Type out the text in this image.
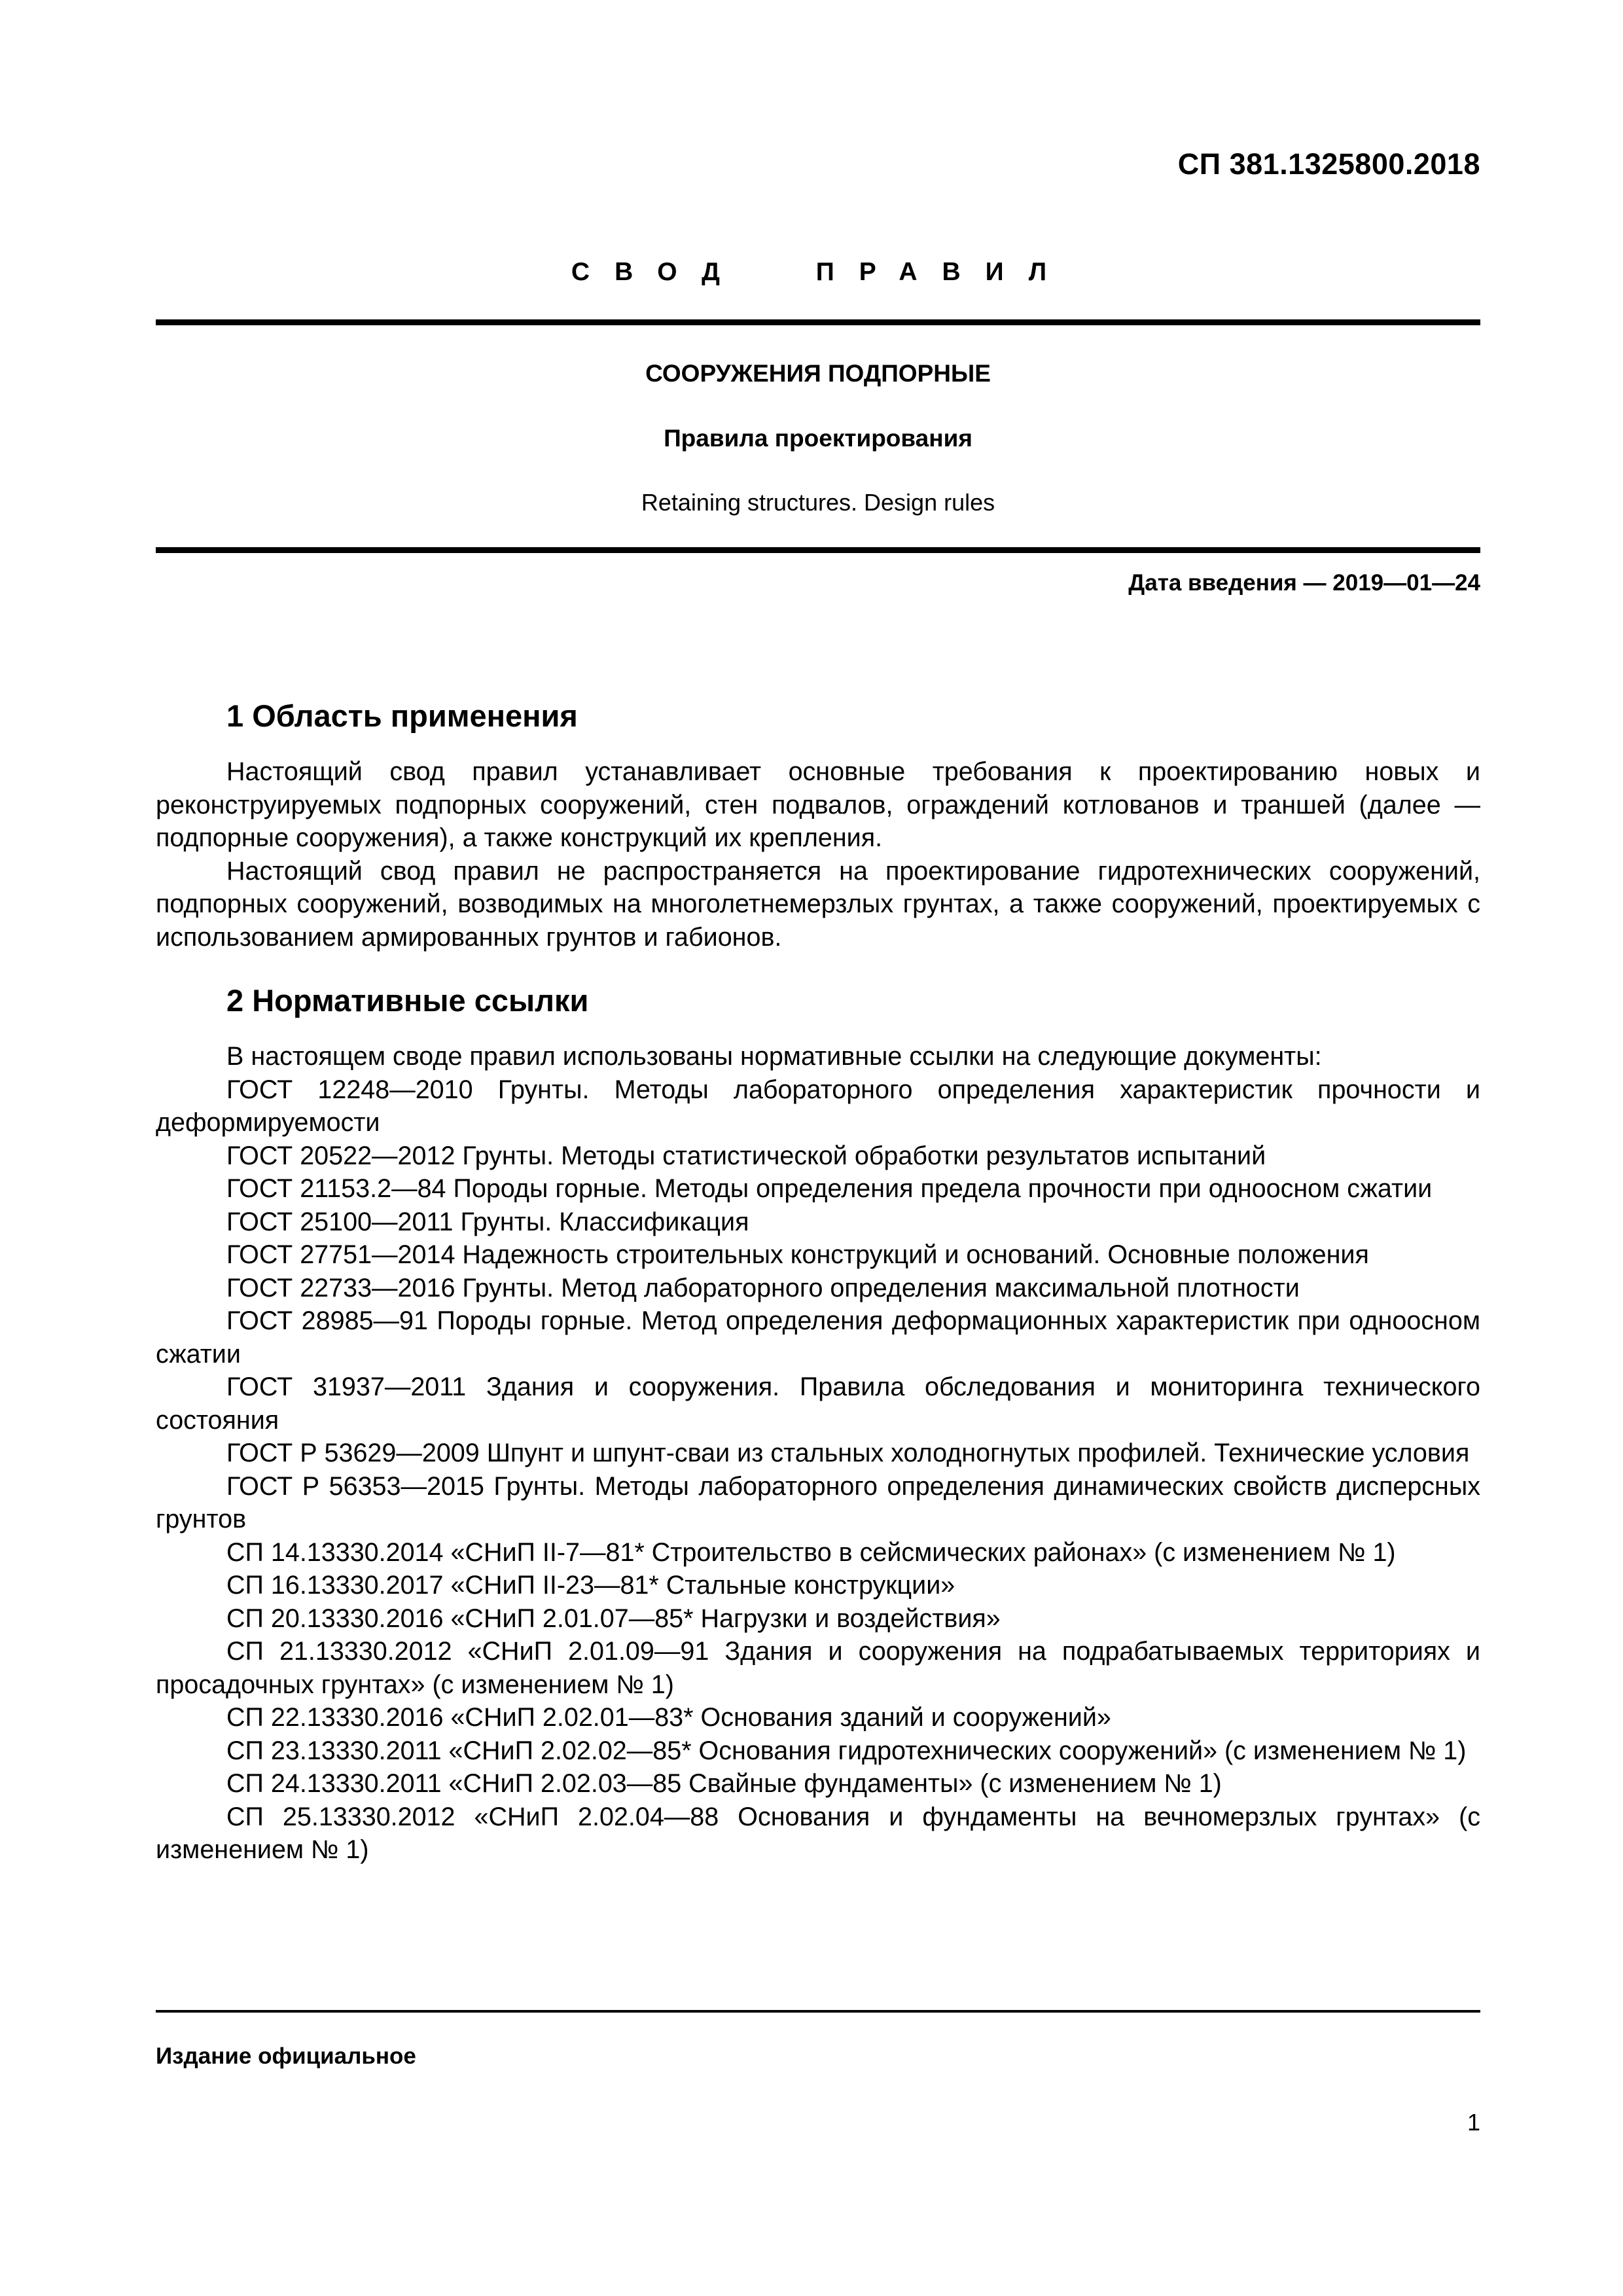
СП 381.1325800.2018
СВОД ПРАВИЛ
СООРУЖЕНИЯ ПОДПОРНЫЕ
Правила проектирования
Retaining structures. Design rules
Дата введения — 2019—01—24
1 Область применения

Настоящий свод правил устанавливает основные требования к проектированию новых и реконструируемых подпорных сооружений, стен подвалов, ограждений котлованов и траншей (далее — подпорные сооружения), а также конструкций их крепления.

Настоящий свод правил не распространяется на проектирование гидротехнических сооружений, подпорных сооружений, возводимых на многолетнемерзлых грунтах, а также сооружений, проектируемых с использованием армированных грунтов и габионов.

2 Нормативные ссылки

В настоящем своде правил использованы нормативные ссылки на следующие документы:

ГОСТ 12248—2010 Грунты. Методы лабораторного определения характеристик прочности и деформируемости
ГОСТ 20522—2012 Грунты. Методы статистической обработки результатов испытаний
ГОСТ 21153.2—84 Породы горные. Методы определения предела прочности при одноосном сжатии
ГОСТ 25100—2011 Грунты. Классификация
ГОСТ 27751—2014 Надежность строительных конструкций и оснований. Основные положения
ГОСТ 22733—2016 Грунты. Метод лабораторного определения максимальной плотности
ГОСТ 28985—91 Породы горные. Метод определения деформационных характеристик при одноосном сжатии
ГОСТ 31937—2011 Здания и сооружения. Правила обследования и мониторинга технического состояния
ГОСТ Р 53629—2009 Шпунт и шпунт-сваи из стальных холодногнутых профилей. Технические условия
ГОСТ Р 56353—2015 Грунты. Методы лабораторного определения динамических свойств дисперсных грунтов
СП 14.13330.2014 «СНиП II-7—81* Строительство в сейсмических районах» (с изменением № 1)
СП 16.13330.2017 «СНиП II-23—81* Стальные конструкции»
СП 20.13330.2016 «СНиП 2.01.07—85* Нагрузки и воздействия»
СП 21.13330.2012 «СНиП 2.01.09—91 Здания и сооружения на подрабатываемых территориях и просадочных грунтах» (с изменением № 1)
СП 22.13330.2016 «СНиП 2.02.01—83* Основания зданий и сооружений»
СП 23.13330.2011 «СНиП 2.02.02—85* Основания гидротехнических сооружений» (с изменением № 1)
СП 24.13330.2011 «СНиП 2.02.03—85 Свайные фундаменты» (с изменением № 1)
СП 25.13330.2012 «СНиП 2.02.04—88 Основания и фундаменты на вечномерзлых грунтах» (с изменением № 1)
Издание официальное
1
